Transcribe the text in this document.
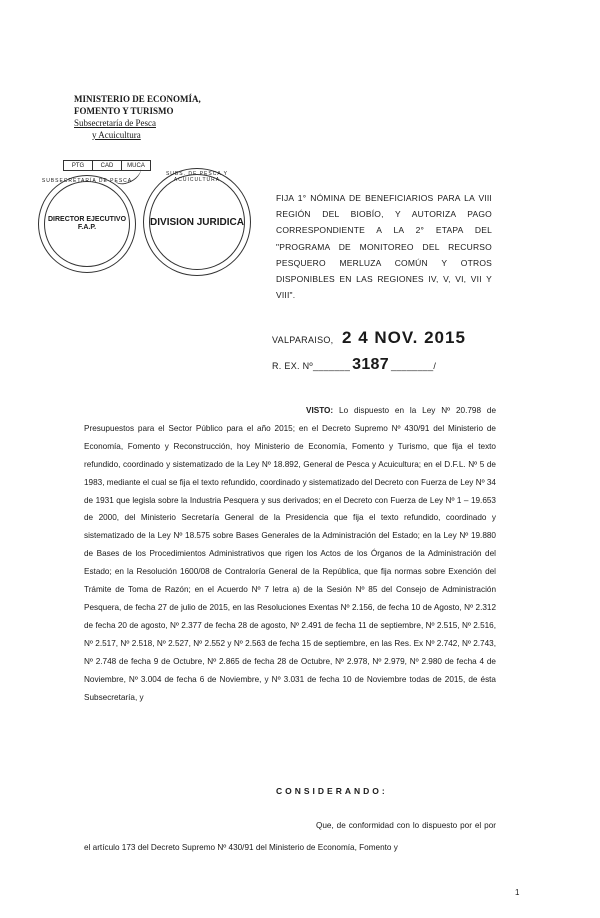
MINISTERIO DE ECONOMÍA,
FOMENTO Y TURISMO
Subsecretaría de Pesca
y Acuicultura
PTG	CAD	MUCA
SUBSECRETARÍA DE PESCA
DIRECTOR EJECUTIVO F.A.P.
SUBS. DE PESCA Y ACUICULTURA
DIVISION JURIDICA
FIJA 1° NÓMINA DE BENEFICIARIOS PARA LA VIII REGIÓN DEL BIOBÍO, Y AUTORIZA PAGO CORRESPONDIENTE A LA 2° ETAPA DEL "PROGRAMA DE MONITOREO DEL RECURSO PESQUERO MERLUZA COMÚN Y OTROS DISPONIBLES EN LAS REGIONES IV, V, VI, VII Y VIII".
VALPARAISO, 2 4 NOV. 2015
R. EX. Nº_______ 3187 ________/
VISTO: Lo dispuesto en la Ley Nº 20.798 de Presupuestos para el Sector Público para el año 2015; en el Decreto Supremo Nº 430/91 del Ministerio de Economía, Fomento y Reconstrucción, hoy Ministerio de Economía, Fomento y Turismo, que fija el texto refundido, coordinado y sistematizado de la Ley Nº 18.892, General de Pesca y Acuicultura; en el D.F.L. Nº 5 de 1983, mediante el cual se fija el texto refundido, coordinado y sistematizado del Decreto con Fuerza de Ley Nº 34 de 1931 que legisla sobre la Industria Pesquera y sus derivados; en el Decreto con Fuerza de Ley Nº 1 – 19.653 de 2000, del Ministerio Secretaría General de la Presidencia que fija el texto refundido, coordinado y sistematizado de la Ley Nº 18.575 sobre Bases Generales de la Administración del Estado; en la Ley Nº 19.880 de Bases de los Procedimientos Administrativos que rigen los Actos de los Órganos de la Administración del Estado; en la Resolución 1600/08 de Contraloría General de la República, que fija normas sobre Exención del Trámite de Toma de Razón; en el Acuerdo Nº 7 letra a) de la Sesión Nº 85 del Consejo de Administración Pesquera, de fecha 27 de julio de 2015, en las Resoluciones Exentas Nº 2.156, de fecha 10 de Agosto, Nº 2.312 de fecha 20 de agosto, Nº 2.377 de fecha 28 de agosto, Nº 2.491 de fecha 11 de septiembre, Nº 2.515, Nº 2.516, Nº 2.517, Nº 2.518, Nº 2.527, Nº 2.552 y Nº 2.563 de fecha 15 de septiembre, en las Res. Ex Nº 2.742, Nº 2.743, Nº 2.748 de fecha 9 de Octubre, Nº 2.865 de fecha 28 de Octubre, Nº 2.978, Nº 2.979, Nº 2.980 de fecha 4 de Noviembre, Nº 3.004 de fecha 6 de Noviembre, y Nº 3.031 de fecha 10 de Noviembre todas de 2015, de ésta Subsecretaría, y
CONSIDERANDO:
Que, de conformidad con lo dispuesto por el por el artículo 173 del Decreto Supremo Nº 430/91 del Ministerio de Economía, Fomento y
1
